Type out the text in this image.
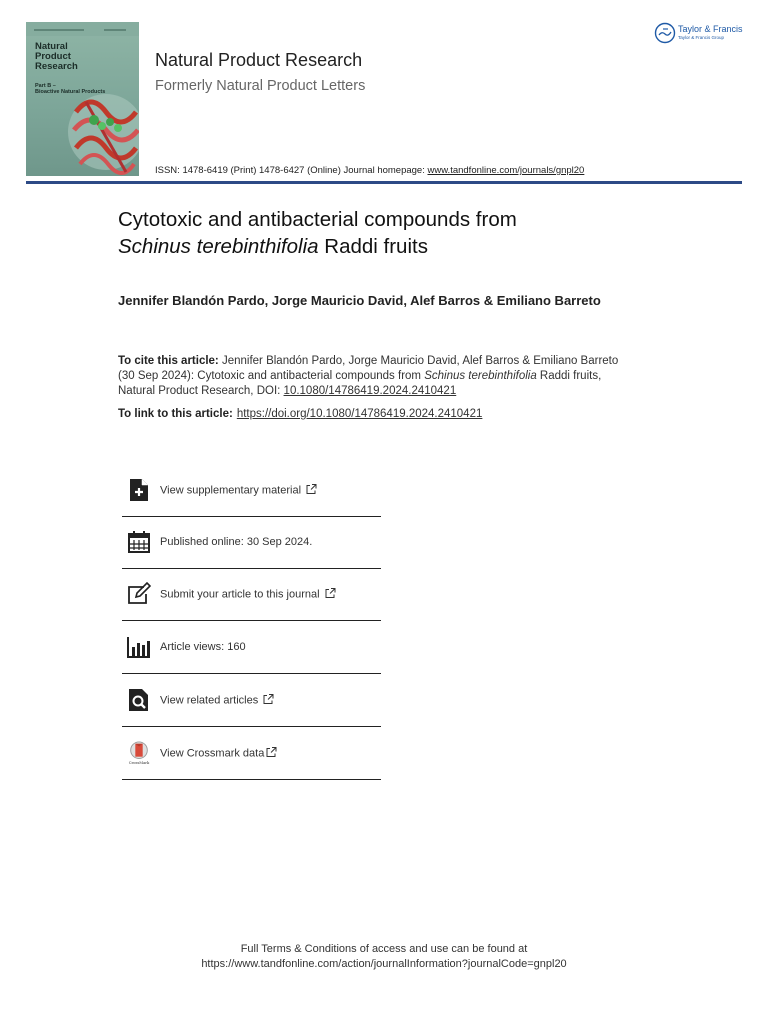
Natural
Product
Research
Part B –
Bioactive Natural Products
Natural Product Research
Formerly Natural Product Letters
ISSN: 1478-6419 (Print) 1478-6427 (Online) Journal homepage: www.tandfonline.com/journals/gnpl20
Taylor & Francis
Taylor & Francis Group
Cytotoxic and antibacterial compounds from
Schinus terebinthifolia Raddi fruits
Jennifer Blandón Pardo, Jorge Mauricio David, Alef Barros & Emiliano Barreto
To cite this article: Jennifer Blandón Pardo, Jorge Mauricio David, Alef Barros & Emiliano Barreto (30 Sep 2024): Cytotoxic and antibacterial compounds from Schinus terebinthifolia Raddi fruits, Natural Product Research, DOI: 10.1080/14786419.2024.2410421
To link to this article: https://doi.org/10.1080/14786419.2024.2410421
View supplementary material
Published online: 30 Sep 2024.
Submit your article to this journal
Article views: 160
View related articles
CrossMark
View Crossmark data
Full Terms & Conditions of access and use can be found at
https://www.tandfonline.com/action/journalInformation?journalCode=gnpl20
